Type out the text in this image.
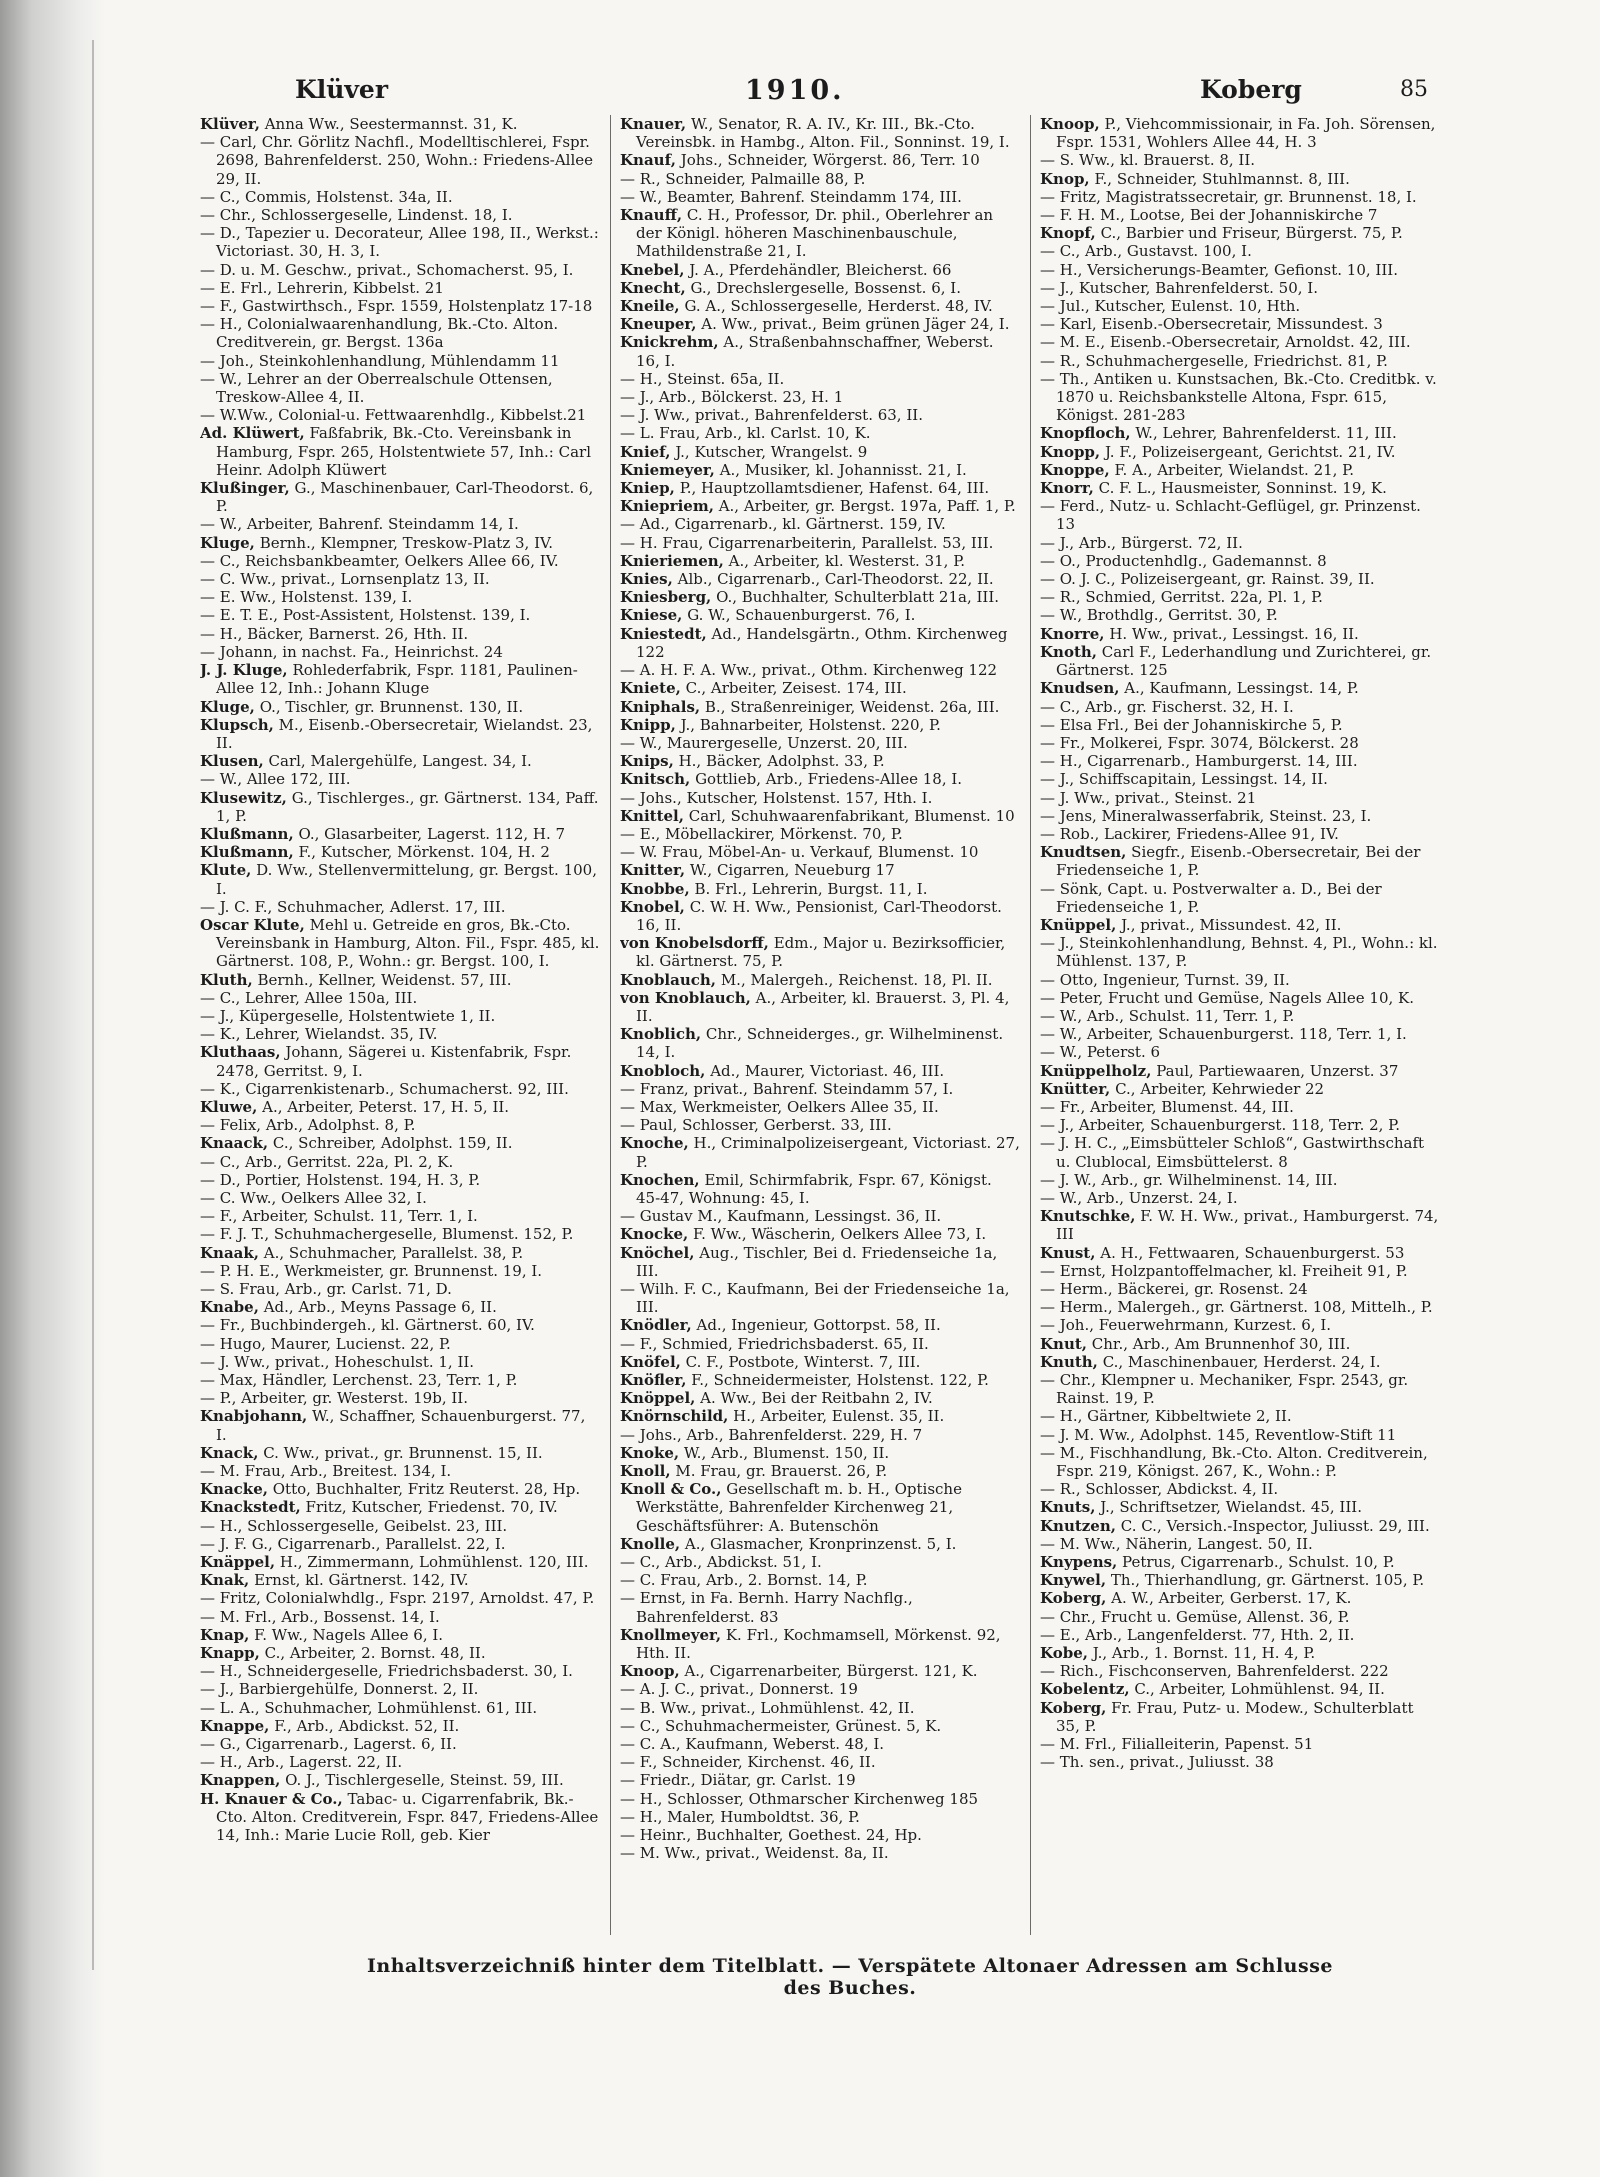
Klüver	1910.	Koberg	85
Klüver, Anna Ww., Seestermannst. 31, K.
— Carl, Chr. Görlitz Nachfl., Modelltischlerei, Fspr. 2698, Bahrenfelderst. 250, Wohn.: Friedens-Allee 29, II.
— C., Commis, Holstenst. 34a, II.
— Chr., Schlossergeselle, Lindenst. 18, I.
— D., Tapezier u. Decorateur, Allee 198, II., Werkst.: Victoriast. 30, H. 3, I.
— D. u. M. Geschw., privat., Schomacherst. 95, I.
— E. Frl., Lehrerin, Kibbelst. 21
— F., Gastwirthsch., Fspr. 1559, Holstenplatz 17-18
— H., Colonialwaarenhandlung, Bk.-Cto. Alton. Creditverein, gr. Bergst. 136a
— Joh., Steinkohlenhandlung, Mühlendamm 11
— W., Lehrer an der Oberrealschule Ottensen, Treskow-Allee 4, II.
— W.Ww., Colonial-u. Fettwaarenhdlg., Kibbelst.21
Ad. Klüwert, Faßfabrik, Bk.-Cto. Vereinsbank in Hamburg, Fspr. 265, Holstentwiete 57, Inh.: Carl Heinr. Adolph Klüwert
Klußinger, G., Maschinenbauer, Carl-Theodorst. 6, P.
— W., Arbeiter, Bahrenf. Steindamm 14, I.
Kluge, Bernh., Klempner, Treskow-Platz 3, IV.
— C., Reichsbankbeamter, Oelkers Allee 66, IV.
— C. Ww., privat., Lornsenplatz 13, II.
— E. Ww., Holstenst. 139, I.
— E. T. E., Post-Assistent, Holstenst. 139, I.
— H., Bäcker, Barnerst. 26, Hth. II.
— Johann, in nachst. Fa., Heinrichst. 24
J. J. Kluge, Rohlederfabrik, Fspr. 1181, Paulinen-Allee 12, Inh.: Johann Kluge
Kluge, O., Tischler, gr. Brunnenst. 130, II.
Klupsch, M., Eisenb.-Obersecretair, Wielandst. 23, II.
Klusen, Carl, Malergehülfe, Langest. 34, I.
— W., Allee 172, III.
Klusewitz, G., Tischlerges., gr. Gärtnerst. 134, Paff. 1, P.
Klußmann, O., Glasarbeiter, Lagerst. 112, H. 7
Klußmann, F., Kutscher, Mörkenst. 104, H. 2
Klute, D. Ww., Stellenvermittelung, gr. Bergst. 100, I.
— J. C. F., Schuhmacher, Adlerst. 17, III.
Oscar Klute, Mehl u. Getreide en gros, Bk.-Cto. Vereinsbank in Hamburg, Alton. Fil., Fspr. 485, kl. Gärtnerst. 108, P., Wohn.: gr. Bergst. 100, I.
Kluth, Bernh., Kellner, Weidenst. 57, III.
— C., Lehrer, Allee 150a, III.
— J., Küpergeselle, Holstentwiete 1, II.
— K., Lehrer, Wielandst. 35, IV.
Kluthaas, Johann, Sägerei u. Kistenfabrik, Fspr. 2478, Gerritst. 9, I.
— K., Cigarrenkistenarb., Schumacherst. 92, III.
Kluwe, A., Arbeiter, Peterst. 17, H. 5, II.
— Felix, Arb., Adolphst. 8, P.
Knaack, C., Schreiber, Adolphst. 159, II.
— C., Arb., Gerritst. 22a, Pl. 2, K.
— D., Portier, Holstenst. 194, H. 3, P.
— C. Ww., Oelkers Allee 32, I.
— F., Arbeiter, Schulst. 11, Terr. 1, I.
— F. J. T., Schuhmachergeselle, Blumenst. 152, P.
Knaak, A., Schuhmacher, Parallelst. 38, P.
— P. H. E., Werkmeister, gr. Brunnenst. 19, I.
— S. Frau, Arb., gr. Carlst. 71, D.
Knabe, Ad., Arb., Meyns Passage 6, II.
— Fr., Buchbindergeh., kl. Gärtnerst. 60, IV.
— Hugo, Maurer, Lucienst. 22, P.
— J. Ww., privat., Hoheschulst. 1, II.
— Max, Händler, Lerchenst. 23, Terr. 1, P.
— P., Arbeiter, gr. Westerst. 19b, II.
Knabjohann, W., Schaffner, Schauenburgerst. 77, I.
Knack, C. Ww., privat., gr. Brunnenst. 15, II.
— M. Frau, Arb., Breitest. 134, I.
Knacke, Otto, Buchhalter, Fritz Reuterst. 28, Hp.
Knackstedt, Fritz, Kutscher, Friedenst. 70, IV.
— H., Schlossergeselle, Geibelst. 23, III.
— J. F. G., Cigarrenarb., Parallelst. 22, I.
Knäppel, H., Zimmermann, Lohmühlenst. 120, III.
Knak, Ernst, kl. Gärtnerst. 142, IV.
— Fritz, Colonialwhdlg., Fspr. 2197, Arnoldst. 47, P.
— M. Frl., Arb., Bossenst. 14, I.
Knap, F. Ww., Nagels Allee 6, I.
Knapp, C., Arbeiter, 2. Bornst. 48, II.
— H., Schneidergeselle, Friedrichsbaderst. 30, I.
— J., Barbiergehülfe, Donnerst. 2, II.
— L. A., Schuhmacher, Lohmühlenst. 61, III.
Knappe, F., Arb., Abdickst. 52, II.
— G., Cigarrenarb., Lagerst. 6, II.
— H., Arb., Lagerst. 22, II.
Knappen, O. J., Tischlergeselle, Steinst. 59, III.
H. Knauer & Co., Tabac- u. Cigarrenfabrik, Bk.-Cto. Alton. Creditverein, Fspr. 847, Friedens-Allee 14, Inh.: Marie Lucie Roll, geb. Kier
Knauer, W., Senator, R. A. IV., Kr. III., Bk.-Cto. Vereinsbk. in Hambg., Alton. Fil., Sonninst. 19, I.
Knauf, Johs., Schneider, Wörgerst. 86, Terr. 10
— R., Schneider, Palmaille 88, P.
— W., Beamter, Bahrenf. Steindamm 174, III.
Knauff, C. H., Professor, Dr. phil., Oberlehrer an der Königl. höheren Maschinenbauschule, Mathildenstraße 21, I.
Knebel, J. A., Pferdehändler, Bleicherst. 66
Knecht, G., Drechslergeselle, Bossenst. 6, I.
Kneile, G. A., Schlossergeselle, Herderst. 48, IV.
Kneuper, A. Ww., privat., Beim grünen Jäger 24, I.
Knickrehm, A., Straßenbahnschaffner, Weberst. 16, I.
— H., Steinst. 65a, II.
— J., Arb., Bölckerst. 23, H. 1
— J. Ww., privat., Bahrenfelderst. 63, II.
— L. Frau, Arb., kl. Carlst. 10, K.
Knief, J., Kutscher, Wrangelst. 9
Kniemeyer, A., Musiker, kl. Johannisst. 21, I.
Kniep, P., Hauptzollamtsdiener, Hafenst. 64, III.
Kniepriem, A., Arbeiter, gr. Bergst. 197a, Paff. 1, P.
— Ad., Cigarrenarb., kl. Gärtnerst. 159, IV.
— H. Frau, Cigarrenarbeiterin, Parallelst. 53, III.
Knieriemen, A., Arbeiter, kl. Westerst. 31, P.
Knies, Alb., Cigarrenarb., Carl-Theodorst. 22, II.
Kniesberg, O., Buchhalter, Schulterblatt 21a, III.
Kniese, G. W., Schauenburgerst. 76, I.
Kniestedt, Ad., Handelsgärtn., Othm. Kirchenweg 122
— A. H. F. A. Ww., privat., Othm. Kirchenweg 122
Kniete, C., Arbeiter, Zeisest. 174, III.
Kniphals, B., Straßenreiniger, Weidenst. 26a, III.
Knipp, J., Bahnarbeiter, Holstenst. 220, P.
— W., Maurergeselle, Unzerst. 20, III.
Knips, H., Bäcker, Adolphst. 33, P.
Knitsch, Gottlieb, Arb., Friedens-Allee 18, I.
— Johs., Kutscher, Holstenst. 157, Hth. I.
Knittel, Carl, Schuhwaarenfabrikant, Blumenst. 10
— E., Möbellackirer, Mörkenst. 70, P.
— W. Frau, Möbel-An- u. Verkauf, Blumenst. 10
Knitter, W., Cigarren, Neueburg 17
Knobbe, B. Frl., Lehrerin, Burgst. 11, I.
Knobel, C. W. H. Ww., Pensionist, Carl-Theodorst. 16, II.
von Knobelsdorff, Edm., Major u. Bezirksofficier, kl. Gärtnerst. 75, P.
Knoblauch, M., Malergeh., Reichenst. 18, Pl. II.
von Knoblauch, A., Arbeiter, kl. Brauerst. 3, Pl. 4, II.
Knoblich, Chr., Schneiderges., gr. Wilhelminenst. 14, I.
Knobloch, Ad., Maurer, Victoriast. 46, III.
— Franz, privat., Bahrenf. Steindamm 57, I.
— Max, Werkmeister, Oelkers Allee 35, II.
— Paul, Schlosser, Gerberst. 33, III.
Knoche, H., Criminalpolizeisergeant, Victoriast. 27, P.
Knochen, Emil, Schirmfabrik, Fspr. 67, Königst. 45-47, Wohnung: 45, I.
— Gustav M., Kaufmann, Lessingst. 36, II.
Knocke, F. Ww., Wäscherin, Oelkers Allee 73, I.
Knöchel, Aug., Tischler, Bei d. Friedenseiche 1a, III.
— Wilh. F. C., Kaufmann, Bei der Friedenseiche 1a, III.
Knödler, Ad., Ingenieur, Gottorpst. 58, II.
— F., Schmied, Friedrichsbaderst. 65, II.
Knöfel, C. F., Postbote, Winterst. 7, III.
Knöfler, F., Schneidermeister, Holstenst. 122, P.
Knöppel, A. Ww., Bei der Reitbahn 2, IV.
Knörnschild, H., Arbeiter, Eulenst. 35, II.
— Johs., Arb., Bahrenfelderst. 229, H. 7
Knoke, W., Arb., Blumenst. 150, II.
Knoll, M. Frau, gr. Brauerst. 26, P.
Knoll & Co., Gesellschaft m. b. H., Optische Werkstätte, Bahrenfelder Kirchenweg 21, Geschäftsführer: A. Butenschön
Knolle, A., Glasmacher, Kronprinzenst. 5, I.
— C., Arb., Abdickst. 51, I.
— C. Frau, Arb., 2. Bornst. 14, P.
— Ernst, in Fa. Bernh. Harry Nachflg., Bahrenfelderst. 83
Knollmeyer, K. Frl., Kochmamsell, Mörkenst. 92, Hth. II.
Knoop, A., Cigarrenarbeiter, Bürgerst. 121, K.
— A. J. C., privat., Donnerst. 19
— B. Ww., privat., Lohmühlenst. 42, II.
— C., Schuhmachermeister, Grünest. 5, K.
— C. A., Kaufmann, Weberst. 48, I.
— F., Schneider, Kirchenst. 46, II.
— Friedr., Diätar, gr. Carlst. 19
— H., Schlosser, Othmarscher Kirchenweg 185
— H., Maler, Humboldtst. 36, P.
— Heinr., Buchhalter, Goethest. 24, Hp.
— M. Ww., privat., Weidenst. 8a, II.
Knoop, P., Viehcommissionair, in Fa. Joh. Sörensen, Fspr. 1531, Wohlers Allee 44, H. 3
— S. Ww., kl. Brauerst. 8, II.
Knop, F., Schneider, Stuhlmannst. 8, III.
— Fritz, Magistratssecretair, gr. Brunnenst. 18, I.
— F. H. M., Lootse, Bei der Johanniskirche 7
Knopf, C., Barbier und Friseur, Bürgerst. 75, P.
— C., Arb., Gustavst. 100, I.
— H., Versicherungs-Beamter, Gefionst. 10, III.
— J., Kutscher, Bahrenfelderst. 50, I.
— Jul., Kutscher, Eulenst. 10, Hth.
— Karl, Eisenb.-Obersecretair, Missundest. 3
— M. E., Eisenb.-Obersecretair, Arnoldst. 42, III.
— R., Schuhmachergeselle, Friedrichst. 81, P.
— Th., Antiken u. Kunstsachen, Bk.-Cto. Creditbk. v. 1870 u. Reichsbankstelle Altona, Fspr. 615, Königst. 281-283
Knopfloch, W., Lehrer, Bahrenfelderst. 11, III.
Knopp, J. F., Polizeisergeant, Gerichtst. 21, IV.
Knoppe, F. A., Arbeiter, Wielandst. 21, P.
Knorr, C. F. L., Hausmeister, Sonninst. 19, K.
— Ferd., Nutz- u. Schlacht-Geflügel, gr. Prinzenst. 13
— J., Arb., Bürgerst. 72, II.
— O., Productenhdlg., Gademannst. 8
— O. J. C., Polizeisergeant, gr. Rainst. 39, II.
— R., Schmied, Gerritst. 22a, Pl. 1, P.
— W., Brothdlg., Gerritst. 30, P.
Knorre, H. Ww., privat., Lessingst. 16, II.
Knoth, Carl F., Lederhandlung und Zurichterei, gr. Gärtnerst. 125
Knudsen, A., Kaufmann, Lessingst. 14, P.
— C., Arb., gr. Fischerst. 32, H. I.
— Elsa Frl., Bei der Johanniskirche 5, P.
— Fr., Molkerei, Fspr. 3074, Bölckerst. 28
— H., Cigarrenarb., Hamburgerst. 14, III.
— J., Schiffscapitain, Lessingst. 14, II.
— J. Ww., privat., Steinst. 21
— Jens, Mineralwasserfabrik, Steinst. 23, I.
— Rob., Lackirer, Friedens-Allee 91, IV.
Knudtsen, Siegfr., Eisenb.-Obersecretair, Bei der Friedenseiche 1, P.
— Sönk, Capt. u. Postverwalter a. D., Bei der Friedenseiche 1, P.
Knüppel, J., privat., Missundest. 42, II.
— J., Steinkohlenhandlung, Behnst. 4, Pl., Wohn.: kl. Mühlenst. 137, P.
— Otto, Ingenieur, Turnst. 39, II.
— Peter, Frucht und Gemüse, Nagels Allee 10, K.
— W., Arb., Schulst. 11, Terr. 1, P.
— W., Arbeiter, Schauenburgerst. 118, Terr. 1, I.
— W., Peterst. 6
Knüppelholz, Paul, Partiewaaren, Unzerst. 37
Knütter, C., Arbeiter, Kehrwieder 22
— Fr., Arbeiter, Blumenst. 44, III.
— J., Arbeiter, Schauenburgerst. 118, Terr. 2, P.
— J. H. C., „Eimsbütteler Schloß“, Gastwirthschaft u. Clublocal, Eimsbüttelerst. 8
— J. W., Arb., gr. Wilhelminenst. 14, III.
— W., Arb., Unzerst. 24, I.
Knutschke, F. W. H. Ww., privat., Hamburgerst. 74, III
Knust, A. H., Fettwaaren, Schauenburgerst. 53
— Ernst, Holzpantoffelmacher, kl. Freiheit 91, P.
— Herm., Bäckerei, gr. Rosenst. 24
— Herm., Malergeh., gr. Gärtnerst. 108, Mittelh., P.
— Joh., Feuerwehrmann, Kurzest. 6, I.
Knut, Chr., Arb., Am Brunnenhof 30, III.
Knuth, C., Maschinenbauer, Herderst. 24, I.
— Chr., Klempner u. Mechaniker, Fspr. 2543, gr. Rainst. 19, P.
— H., Gärtner, Kibbeltwiete 2, II.
— J. M. Ww., Adolphst. 145, Reventlow-Stift 11
— M., Fischhandlung, Bk.-Cto. Alton. Creditverein, Fspr. 219, Königst. 267, K., Wohn.: P.
— R., Schlosser, Abdickst. 4, II.
Knuts, J., Schriftsetzer, Wielandst. 45, III.
Knutzen, C. C., Versich.-Inspector, Juliusst. 29, III.
— M. Ww., Näherin, Langest. 50, II.
Knypens, Petrus, Cigarrenarb., Schulst. 10, P.
Knywel, Th., Thierhandlung, gr. Gärtnerst. 105, P.
Koberg, A. W., Arbeiter, Gerberst. 17, K.
— Chr., Frucht u. Gemüse, Allenst. 36, P.
— E., Arb., Langenfelderst. 77, Hth. 2, II.
Kobe, J., Arb., 1. Bornst. 11, H. 4, P.
— Rich., Fischconserven, Bahrenfelderst. 222
Kobelentz, C., Arbeiter, Lohmühlenst. 94, II.
Koberg, Fr. Frau, Putz- u. Modew., Schulterblatt 35, P.
— M. Frl., Filialleiterin, Papenst. 51
— Th. sen., privat., Juliusst. 38
Inhaltsverzeichniß hinter dem Titelblatt. — Verspätete Altonaer Adressen am Schlusse des Buches.
